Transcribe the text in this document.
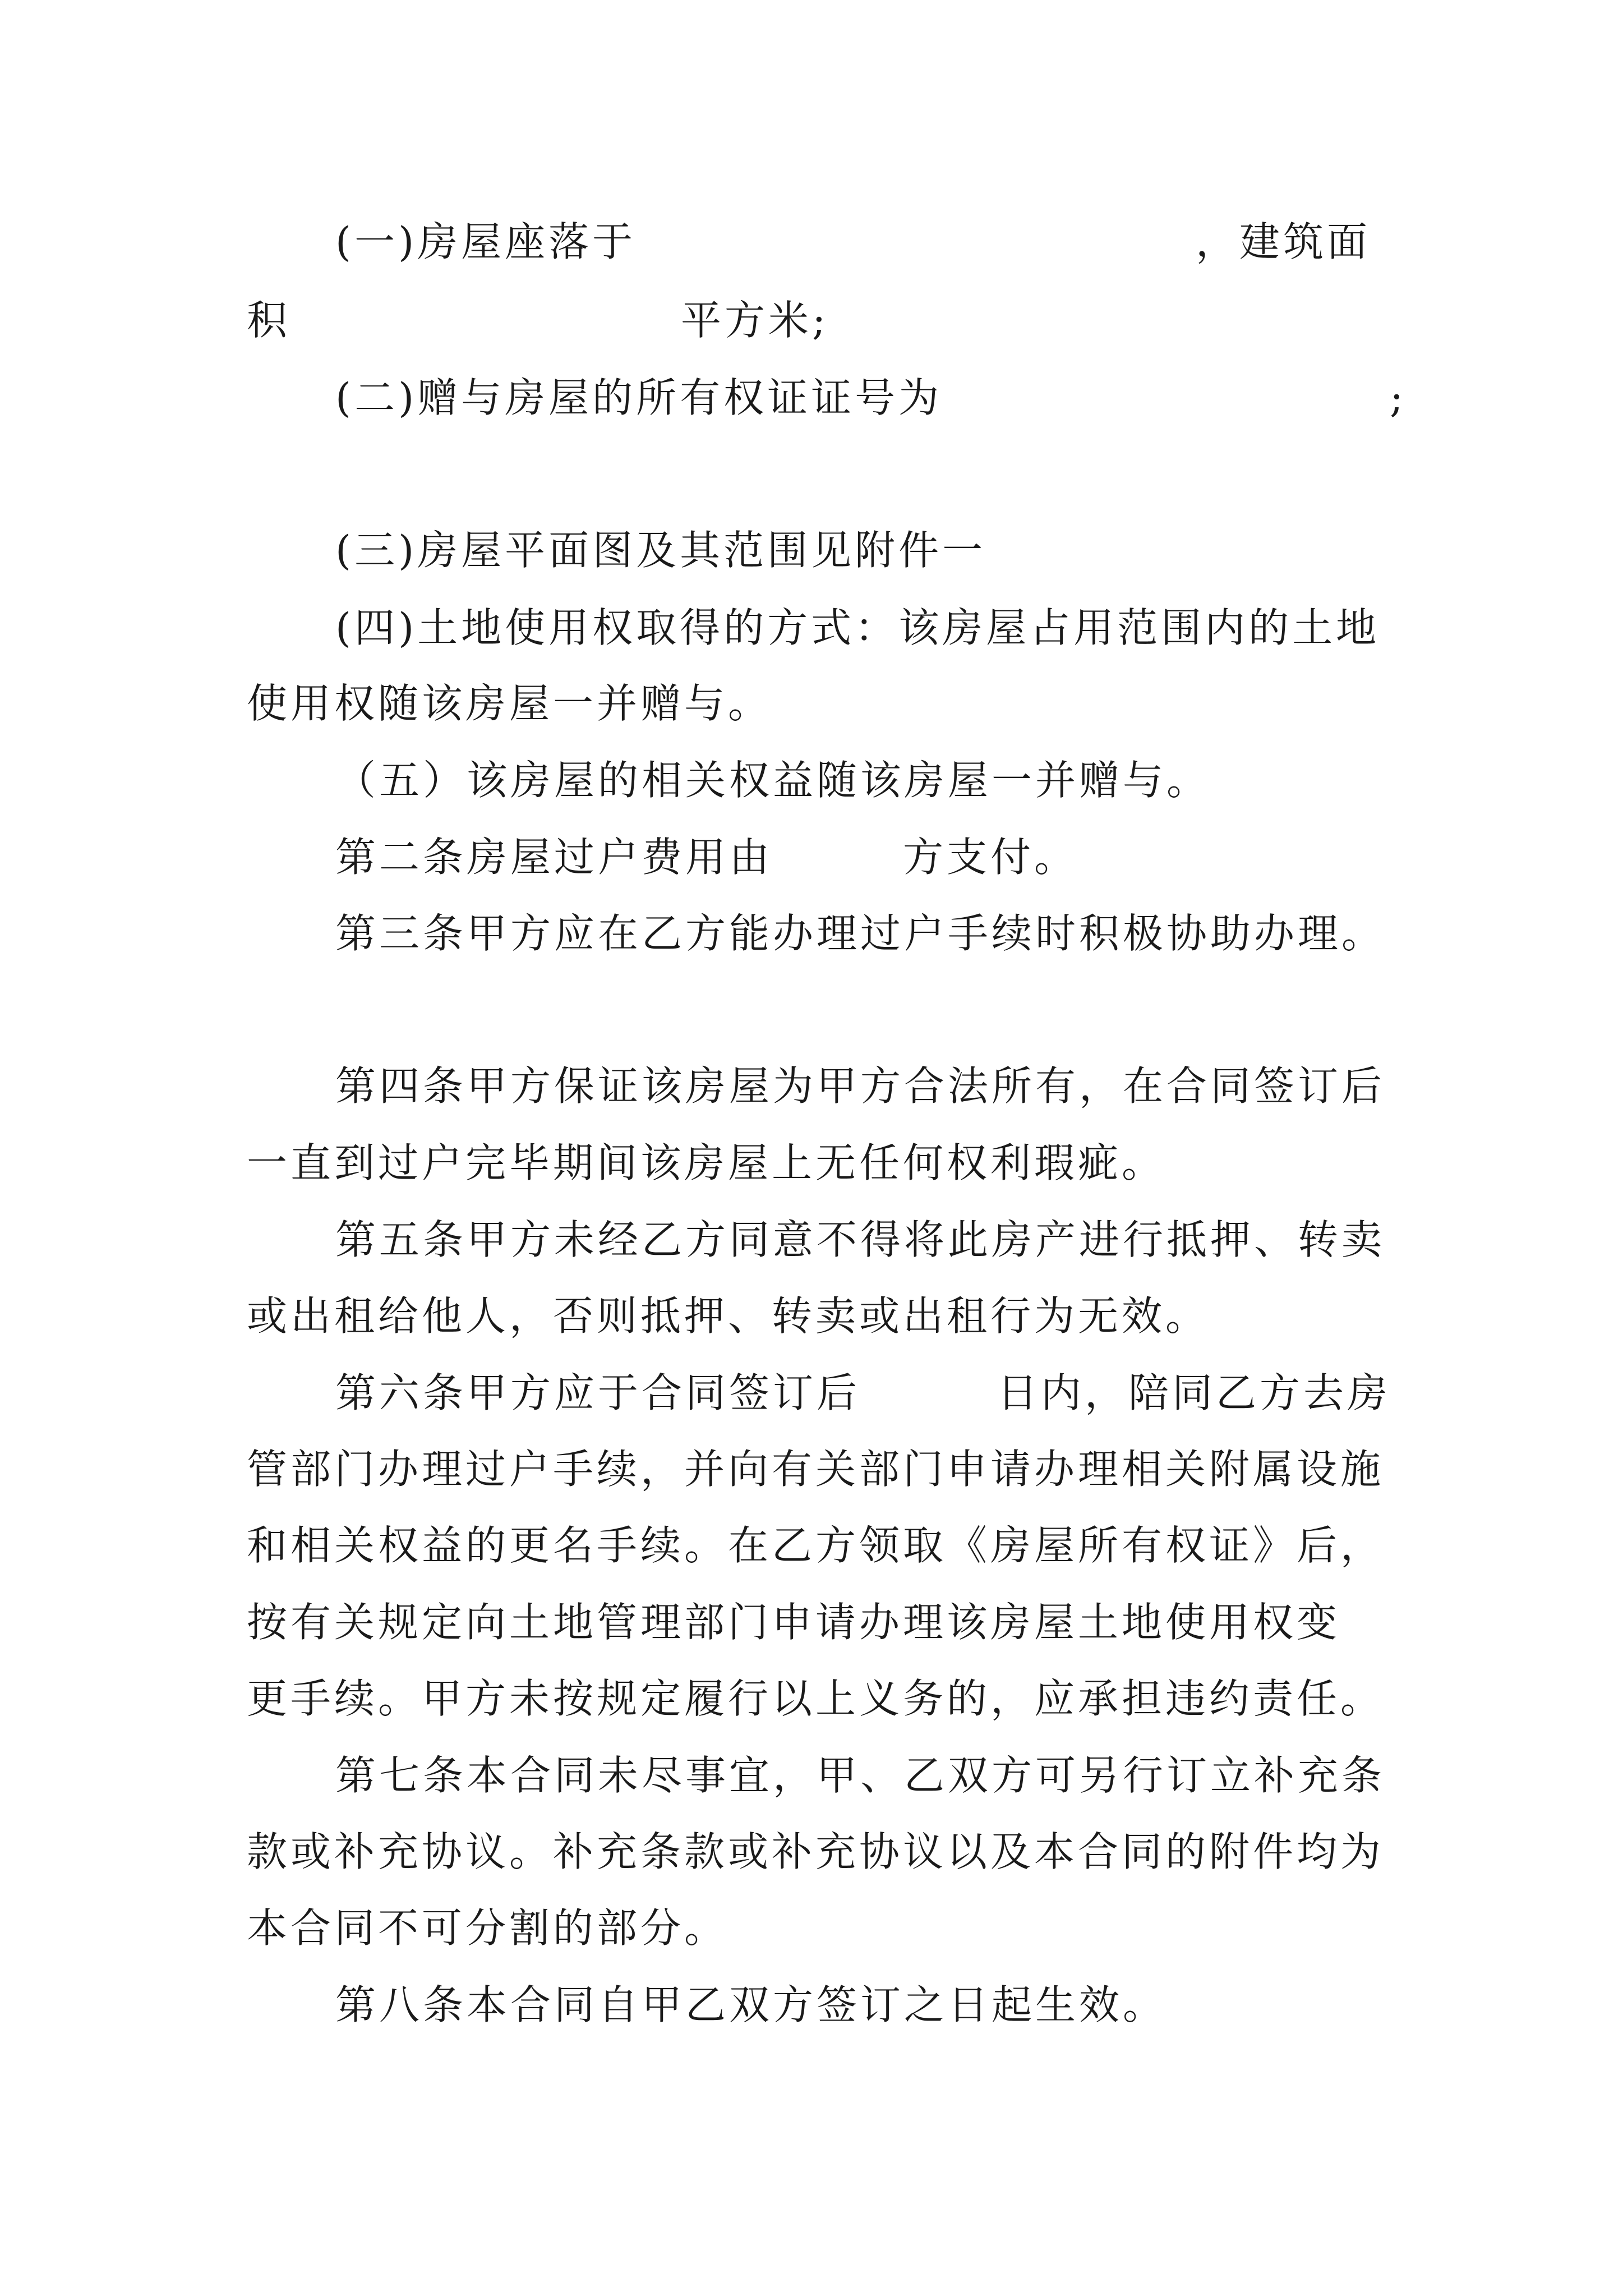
(一)房屋座落于	，建筑面
积	平方米;
(二)赠与房屋的所有权证证号为	;
(三)房屋平面图及其范围见附件一
(四)土地使用权取得的方式：该房屋占用范围内的土地
使用权随该房屋一并赠与。
（五）该房屋的相关权益随该房屋一并赠与。
第二条房屋过户费用由	方支付。
第三条甲方应在乙方能办理过户手续时积极协助办理。
第四条甲方保证该房屋为甲方合法所有，在合同签订后
一直到过户完毕期间该房屋上无任何权利瑕疵。
第五条甲方未经乙方同意不得将此房产进行抵押、转卖
或出租给他人，否则抵押、转卖或出租行为无效。
第六条甲方应于合同签订后	日内，陪同乙方去房
管部门办理过户手续，并向有关部门申请办理相关附属设施
和相关权益的更名手续。在乙方领取《房屋所有权证》后，
按有关规定向土地管理部门申请办理该房屋土地使用权变
更手续。甲方未按规定履行以上义务的，应承担违约责任。
第七条本合同未尽事宜，甲、乙双方可另行订立补充条
款或补充协议。补充条款或补充协议以及本合同的附件均为
本合同不可分割的部分。
第八条本合同自甲乙双方签订之日起生效。
